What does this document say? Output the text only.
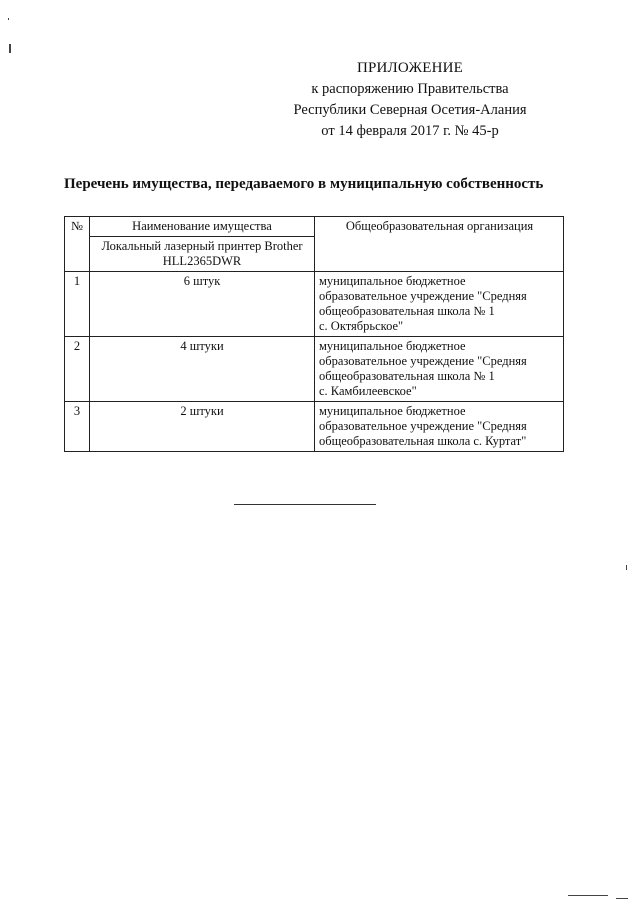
ПРИЛОЖЕНИЕ
к распоряжению Правительства
Республики Северная Осетия-Алания
от 14 февраля 2017 г. № 45-р
Перечень имущества, передаваемого в муниципальную собственность
№	Наименование имущества	Общеобразовательная организация
	Локальный лазерный принтер Brother HLL2365DWR	
1	6 штук	муниципальное бюджетное
образовательное учреждение "Средняя
общеобразовательная школа № 1
с. Октябрьское"

2	4 штуки	муниципальное бюджетное
образовательное учреждение "Средняя
общеобразовательная школа № 1
с. Камбилеевское"

3	2 штуки	муниципальное бюджетное
образовательное учреждение "Средняя
общеобразовательная школа с. Куртат"
